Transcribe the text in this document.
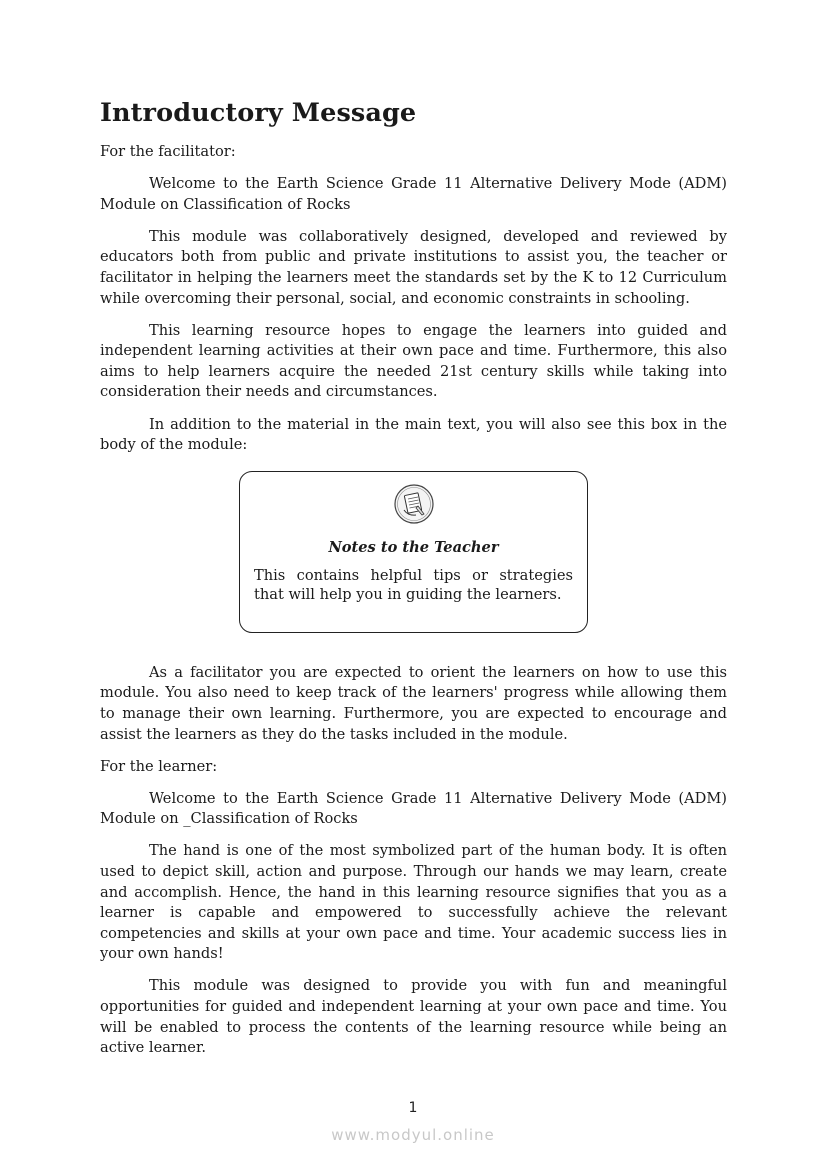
Introductory Message

For the facilitator:

Welcome to the Earth Science Grade 11 Alternative Delivery Mode (ADM) Module on Classification of Rocks

This module was collaboratively designed, developed and reviewed by educators both from public and private institutions to assist you, the teacher or facilitator in helping the learners meet the standards set by the K to 12 Curriculum while overcoming their personal, social, and economic constraints in schooling.

This learning resource hopes to engage the learners into guided and independent learning activities at their own pace and time. Furthermore, this also aims to help learners acquire the needed 21st century skills while taking into consideration their needs and circumstances.

In addition to the material in the main text, you will also see this box in the body of the module:

Notes to the Teacher
This contains helpful tips or strategies that will help you in guiding the learners.

As a facilitator you are expected to orient the learners on how to use this module. You also need to keep track of the learners' progress while allowing them to manage their own learning. Furthermore, you are expected to encourage and assist the learners as they do the tasks included in the module.

For the learner:

Welcome to the Earth Science Grade 11 Alternative Delivery Mode (ADM) Module on _Classification of Rocks

The hand is one of the most symbolized part of the human body. It is often used to depict skill, action and purpose. Through our hands we may learn, create and accomplish. Hence, the hand in this learning resource signifies that you as a learner is capable and empowered to successfully achieve the relevant competencies and skills at your own pace and time. Your academic success lies in your own hands!

This module was designed to provide you with fun and meaningful opportunities for guided and independent learning at your own pace and time. You will be enabled to process the contents of the learning resource while being an active learner.

1
www.modyul.online
